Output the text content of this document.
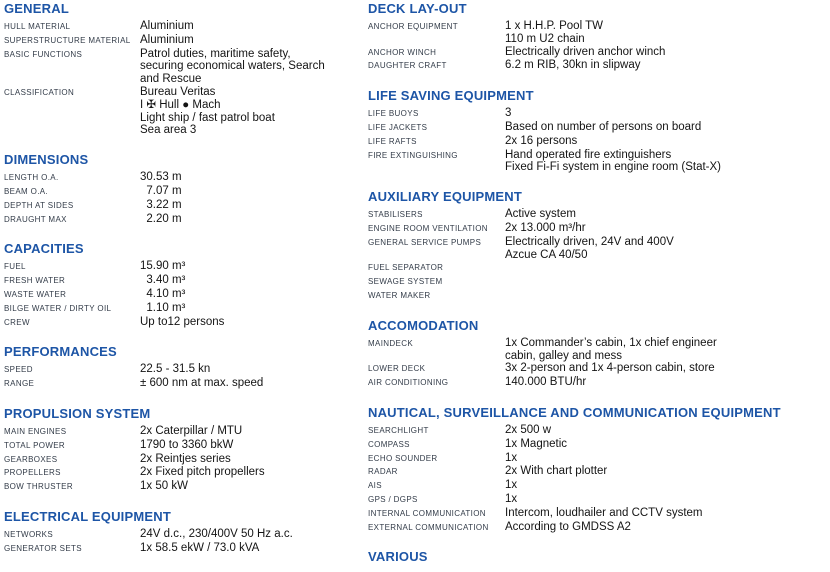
GENERAL
HULL MATERIAL	Aluminium
SUPERSTRUCTURE MATERIAL Aluminium
BASIC FUNCTIONS	Patrol duties, maritime safety,
securing economical waters, Search
and Rescue
CLASSIFICATION	Bureau Veritas
I ✠ Hull ● Mach
Light ship / fast patrol boat
Sea area 3
DIMENSIONS
LENGTH O.A.	30.53 m
BEAM O.A.	7.07 m
DEPTH AT SIDES	3.22 m
DRAUGHT MAX	2.20 m
CAPACITIES
FUEL	15.90 m³
FRESH WATER	3.40 m³
WASTE WATER	4.10 m³
BILGE WATER / DIRTY OIL	1.10 m³
CREW	Up to12 persons
PERFORMANCES
SPEED	22.5 - 31.5 kn
RANGE	± 600 nm at max. speed
PROPULSION SYSTEM
MAIN ENGINES	2x Caterpillar / MTU
TOTAL POWER	1790 to 3360 bkW
GEARBOXES	2x Reintjes series
PROPELLERS	2x Fixed pitch propellers
BOW THRUSTER	1x 50 kW
ELECTRICAL EQUIPMENT
NETWORKS	24V d.c., 230/400V 50 Hz a.c.
GENERATOR SETS	1x 58.5 ekW / 73.0 kVA
DECK LAY-OUT
ANCHOR EQUIPMENT	1 x H.H.P. Pool TW
110 m U2 chain
ANCHOR WINCH	Electrically driven anchor winch
DAUGHTER CRAFT	6.2 m RIB, 30kn in slipway
LIFE SAVING EQUIPMENT
LIFE BUOYS	3
LIFE JACKETS	Based on number of persons on board
LIFE RAFTS	2x 16 persons
FIRE EXTINGUISHING	Hand operated fire extinguishers
Fixed Fi-Fi system in engine room (Stat-X)
AUXILIARY EQUIPMENT
STABILISERS	Active system
ENGINE ROOM VENTILATION	2x 13.000 m³/hr
GENERAL SERVICE PUMPS	Electrically driven, 24V and 400V
Azcue CA 40/50
FUEL SEPARATOR
SEWAGE SYSTEM
WATER MAKER
ACCOMODATION
MAINDECK	1x Commander’s cabin, 1x chief engineer
cabin, galley and mess
LOWER DECK	3x 2-person and 1x 4-person cabin, store
AIR CONDITIONING	140.000 BTU/hr
NAUTICAL, SURVEILLANCE AND COMMUNICATION EQUIPMENT
SEARCHLIGHT	2x 500 w
COMPASS	1x Magnetic
ECHO SOUNDER	1x
RADAR	2x With chart plotter
AIS	1x
GPS / DGPS	1x
INTERNAL COMMUNICATION	Intercom, loudhailer and CCTV system
EXTERNAL COMMUNICATION	According to GMDSS A2
VARIOUS
